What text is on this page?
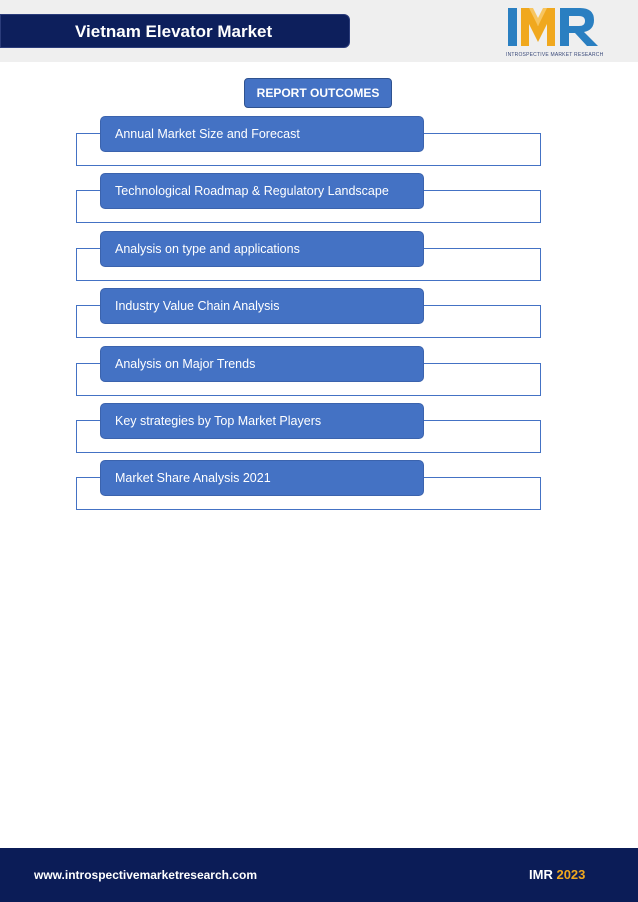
Vietnam Elevator Market
INTROSPECTIVE MARKET RESEARCH
REPORT OUTCOMES
Annual Market Size and Forecast
Technological Roadmap & Regulatory Landscape
Analysis on type and applications
Industry Value Chain Analysis
Analysis on Major Trends
Key strategies by Top Market Players
Market Share Analysis 2021
www.introspectivemarketresearch.com	IMR 2023
